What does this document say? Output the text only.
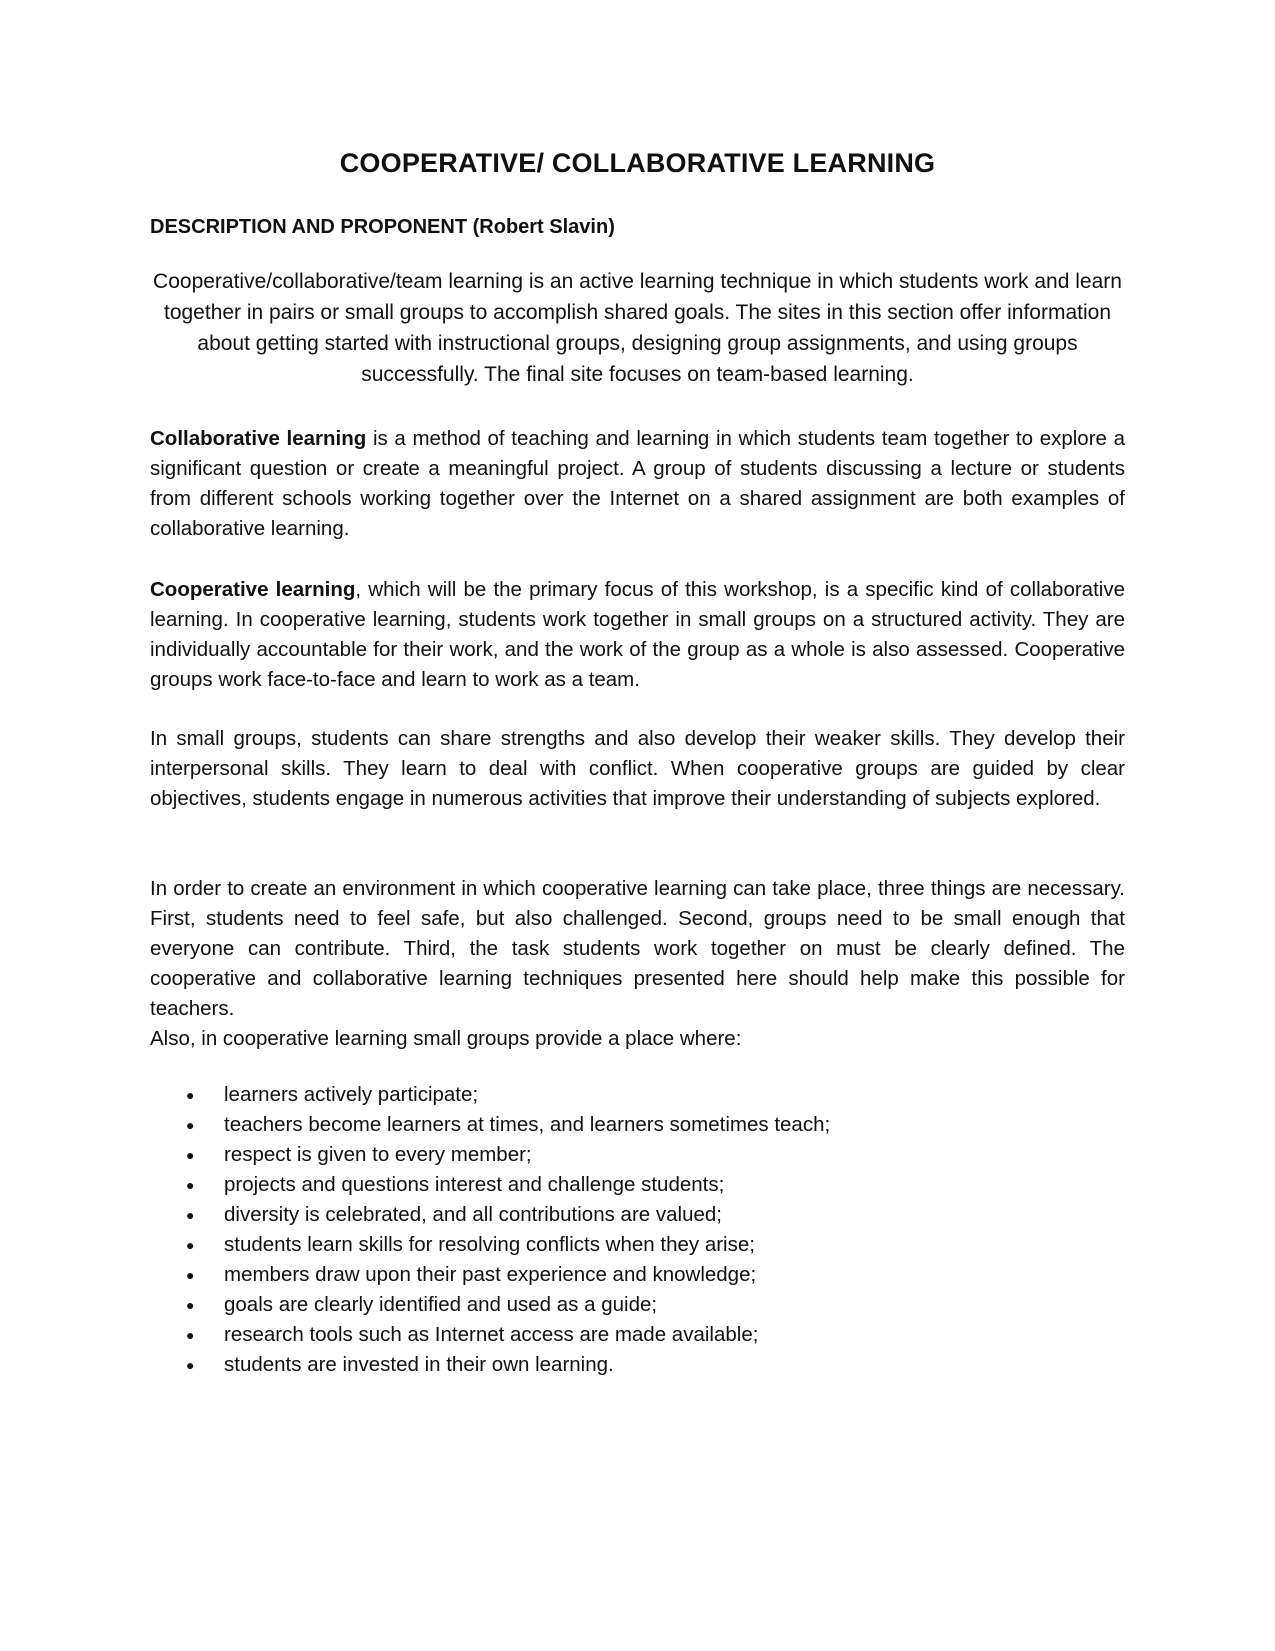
COOPERATIVE/ COLLABORATIVE LEARNING
DESCRIPTION AND PROPONENT (Robert Slavin)
Cooperative/collaborative/team learning is an active learning technique in which students work and learn together in pairs or small groups to accomplish shared goals. The sites in this section offer information about getting started with instructional groups, designing group assignments, and using groups successfully. The final site focuses on team-based learning.
Collaborative learning is a method of teaching and learning in which students team together to explore a significant question or create a meaningful project. A group of students discussing a lecture or students from different schools working together over the Internet on a shared assignment are both examples of collaborative learning.
Cooperative learning, which will be the primary focus of this workshop, is a specific kind of collaborative learning. In cooperative learning, students work together in small groups on a structured activity. They are individually accountable for their work, and the work of the group as a whole is also assessed. Cooperative groups work face-to-face and learn to work as a team.
In small groups, students can share strengths and also develop their weaker skills. They develop their interpersonal skills. They learn to deal with conflict. When cooperative groups are guided by clear objectives, students engage in numerous activities that improve their understanding of subjects explored.
In order to create an environment in which cooperative learning can take place, three things are necessary. First, students need to feel safe, but also challenged. Second, groups need to be small enough that everyone can contribute. Third, the task students work together on must be clearly defined. The cooperative and collaborative learning techniques presented here should help make this possible for teachers.
Also, in cooperative learning small groups provide a place where:
● learners actively participate;
● teachers become learners at times, and learners sometimes teach;
● respect is given to every member;
● projects and questions interest and challenge students;
● diversity is celebrated, and all contributions are valued;
● students learn skills for resolving conflicts when they arise;
● members draw upon their past experience and knowledge;
● goals are clearly identified and used as a guide;
● research tools such as Internet access are made available;
● students are invested in their own learning.
